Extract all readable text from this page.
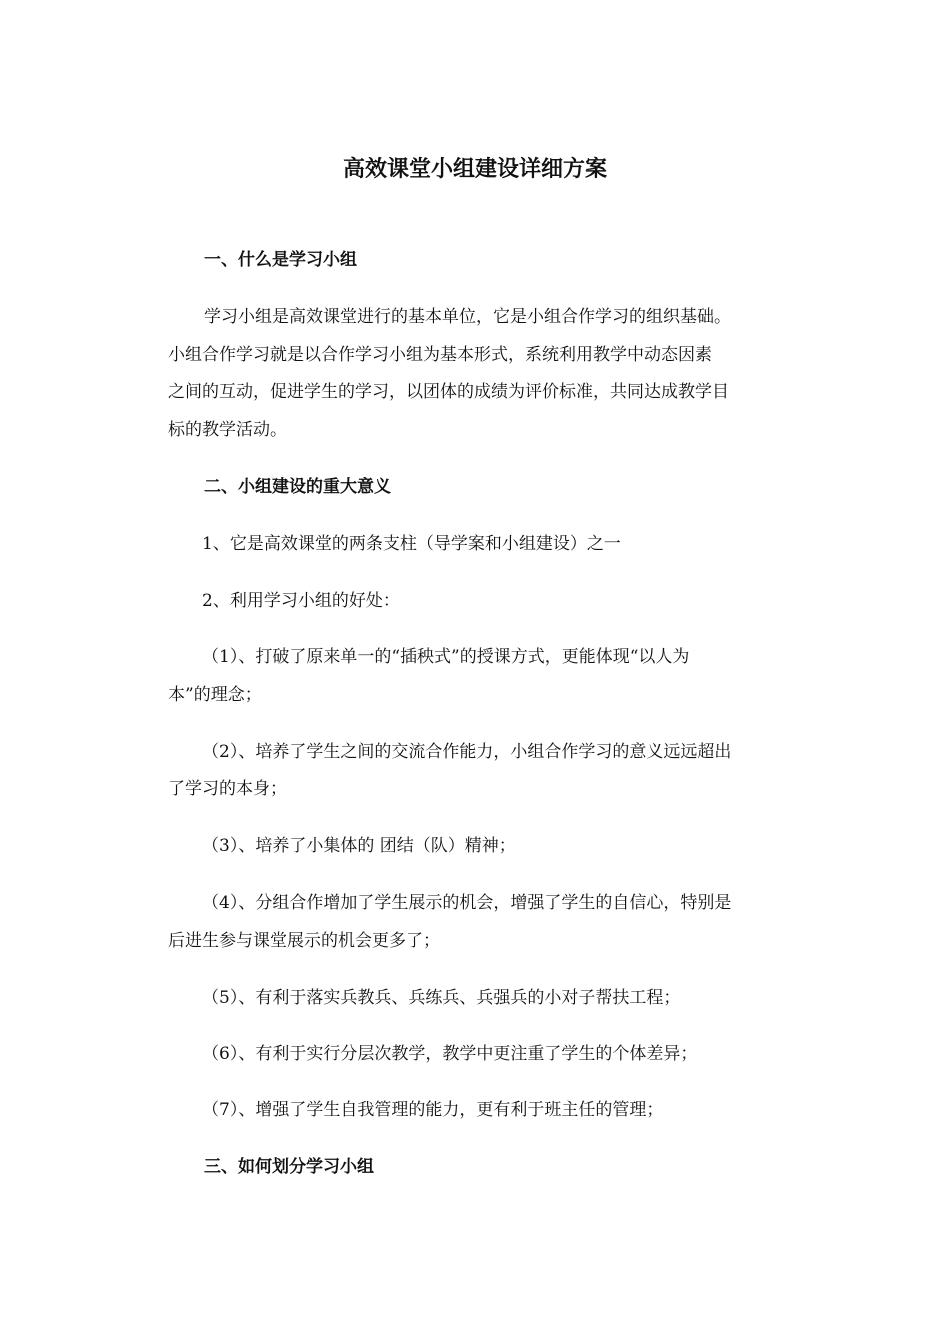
高效课堂小组建设详细方案
一、什么是学习小组
学习小组是高效课堂进行的基本单位，它是小组合作学习的组织基础。
小组合作学习就是以合作学习小组为基本形式，系统利用教学中动态因素
之间的互动，促进学生的学习，以团体的成绩为评价标准，共同达成教学目
标的教学活动。
二、小组建设的重大意义
1、它是高效课堂的两条支柱（导学案和小组建设）之一
2、利用学习小组的好处：
（1）、打破了原来单一的“插秧式”的授课方式，更能体现“以人为
本”的理念；
（2）、培养了学生之间的交流合作能力，小组合作学习的意义远远超出
了学习的本身；
（3）、培养了小集体的 团结（队）精神；
（4）、分组合作增加了学生展示的机会，增强了学生的自信心，特别是
后进生参与课堂展示的机会更多了；
（5）、有利于落实兵教兵、兵练兵、兵强兵的小对子帮扶工程；
（6）、有利于实行分层次教学，教学中更注重了学生的个体差异；
（7）、增强了学生自我管理的能力，更有利于班主任的管理；
三、如何划分学习小组
